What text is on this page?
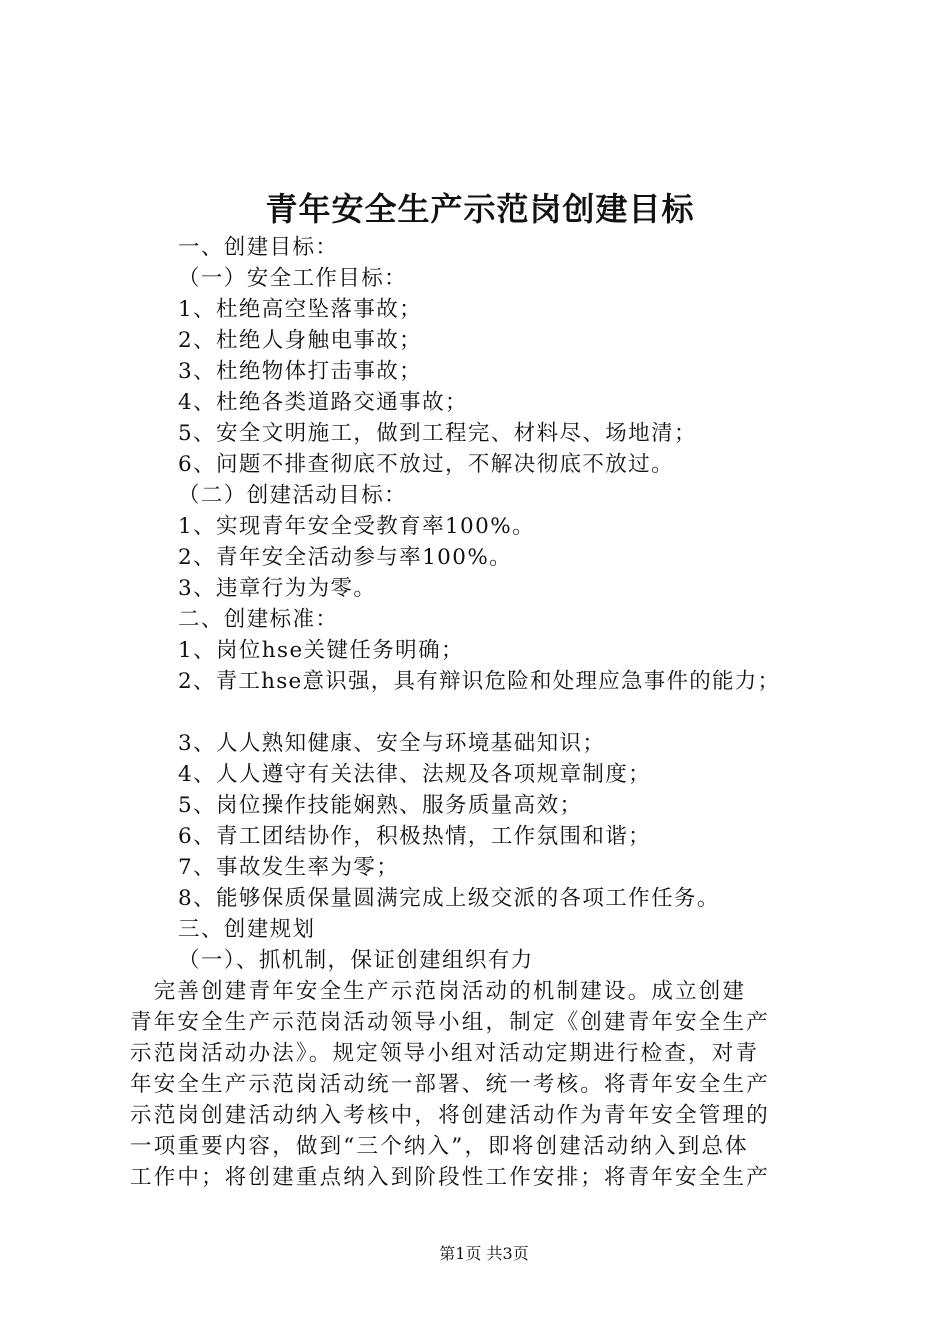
青年安全生产示范岗创建目标
一、创建目标：
（一）安全工作目标：
1、杜绝高空坠落事故；
2、杜绝人身触电事故；
3、杜绝物体打击事故；
4、杜绝各类道路交通事故；
5、安全文明施工，做到工程完、材料尽、场地清；
6、问题不排查彻底不放过，不解决彻底不放过。
（二）创建活动目标：
1、实现青年安全受教育率100%。
2、青年安全活动参与率100%。
3、违章行为为零。
二、创建标准：
1、岗位hse关键任务明确；
2、青工hse意识强，具有辩识危险和处理应急事件的能力；
3、人人熟知健康、安全与环境基础知识；
4、人人遵守有关法律、法规及各项规章制度；
5、岗位操作技能娴熟、服务质量高效；
6、青工团结协作，积极热情，工作氛围和谐；
7、事故发生率为零；
8、能够保质保量圆满完成上级交派的各项工作任务。
三、创建规划
（一）、抓机制，保证创建组织有力
　完善创建青年安全生产示范岗活动的机制建设。成立创建
青年安全生产示范岗活动领导小组，制定《创建青年安全生产
示范岗活动办法》。规定领导小组对活动定期进行检查，对青
年安全生产示范岗活动统一部署、统一考核。将青年安全生产
示范岗创建活动纳入考核中，将创建活动作为青年安全管理的
一项重要内容，做到“三个纳入”，即将创建活动纳入到总体
工作中；将创建重点纳入到阶段性工作安排；将青年安全生产
第1页 共3页
